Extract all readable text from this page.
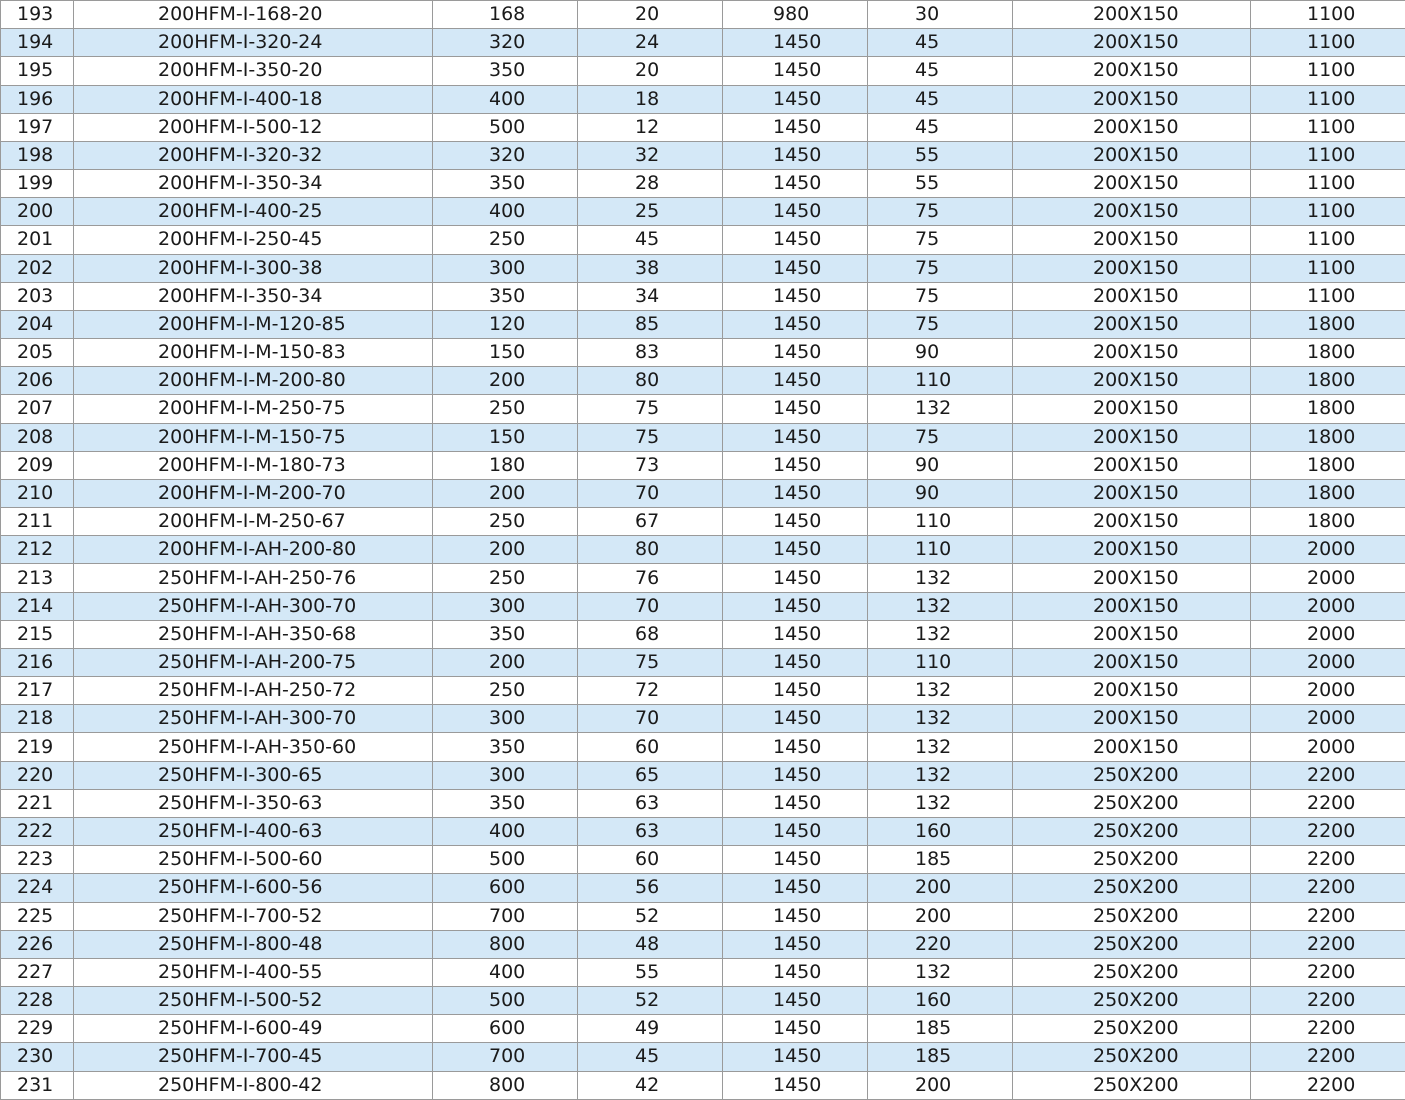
193	200HFM-I-168-20	168	20	980	30	200X150	1100
194	200HFM-I-320-24	320	24	1450	45	200X150	1100
195	200HFM-I-350-20	350	20	1450	45	200X150	1100
196	200HFM-I-400-18	400	18	1450	45	200X150	1100
197	200HFM-I-500-12	500	12	1450	45	200X150	1100
198	200HFM-I-320-32	320	32	1450	55	200X150	1100
199	200HFM-I-350-34	350	28	1450	55	200X150	1100
200	200HFM-I-400-25	400	25	1450	75	200X150	1100
201	200HFM-I-250-45	250	45	1450	75	200X150	1100
202	200HFM-I-300-38	300	38	1450	75	200X150	1100
203	200HFM-I-350-34	350	34	1450	75	200X150	1100
204	200HFM-I-M-120-85	120	85	1450	75	200X150	1800
205	200HFM-I-M-150-83	150	83	1450	90	200X150	1800
206	200HFM-I-M-200-80	200	80	1450	110	200X150	1800
207	200HFM-I-M-250-75	250	75	1450	132	200X150	1800
208	200HFM-I-M-150-75	150	75	1450	75	200X150	1800
209	200HFM-I-M-180-73	180	73	1450	90	200X150	1800
210	200HFM-I-M-200-70	200	70	1450	90	200X150	1800
211	200HFM-I-M-250-67	250	67	1450	110	200X150	1800
212	200HFM-I-AH-200-80	200	80	1450	110	200X150	2000
213	250HFM-I-AH-250-76	250	76	1450	132	200X150	2000
214	250HFM-I-AH-300-70	300	70	1450	132	200X150	2000
215	250HFM-I-AH-350-68	350	68	1450	132	200X150	2000
216	250HFM-I-AH-200-75	200	75	1450	110	200X150	2000
217	250HFM-I-AH-250-72	250	72	1450	132	200X150	2000
218	250HFM-I-AH-300-70	300	70	1450	132	200X150	2000
219	250HFM-I-AH-350-60	350	60	1450	132	200X150	2000
220	250HFM-I-300-65	300	65	1450	132	250X200	2200
221	250HFM-I-350-63	350	63	1450	132	250X200	2200
222	250HFM-I-400-63	400	63	1450	160	250X200	2200
223	250HFM-I-500-60	500	60	1450	185	250X200	2200
224	250HFM-I-600-56	600	56	1450	200	250X200	2200
225	250HFM-I-700-52	700	52	1450	200	250X200	2200
226	250HFM-I-800-48	800	48	1450	220	250X200	2200
227	250HFM-I-400-55	400	55	1450	132	250X200	2200
228	250HFM-I-500-52	500	52	1450	160	250X200	2200
229	250HFM-I-600-49	600	49	1450	185	250X200	2200
230	250HFM-I-700-45	700	45	1450	185	250X200	2200
231	250HFM-I-800-42	800	42	1450	200	250X200	2200
